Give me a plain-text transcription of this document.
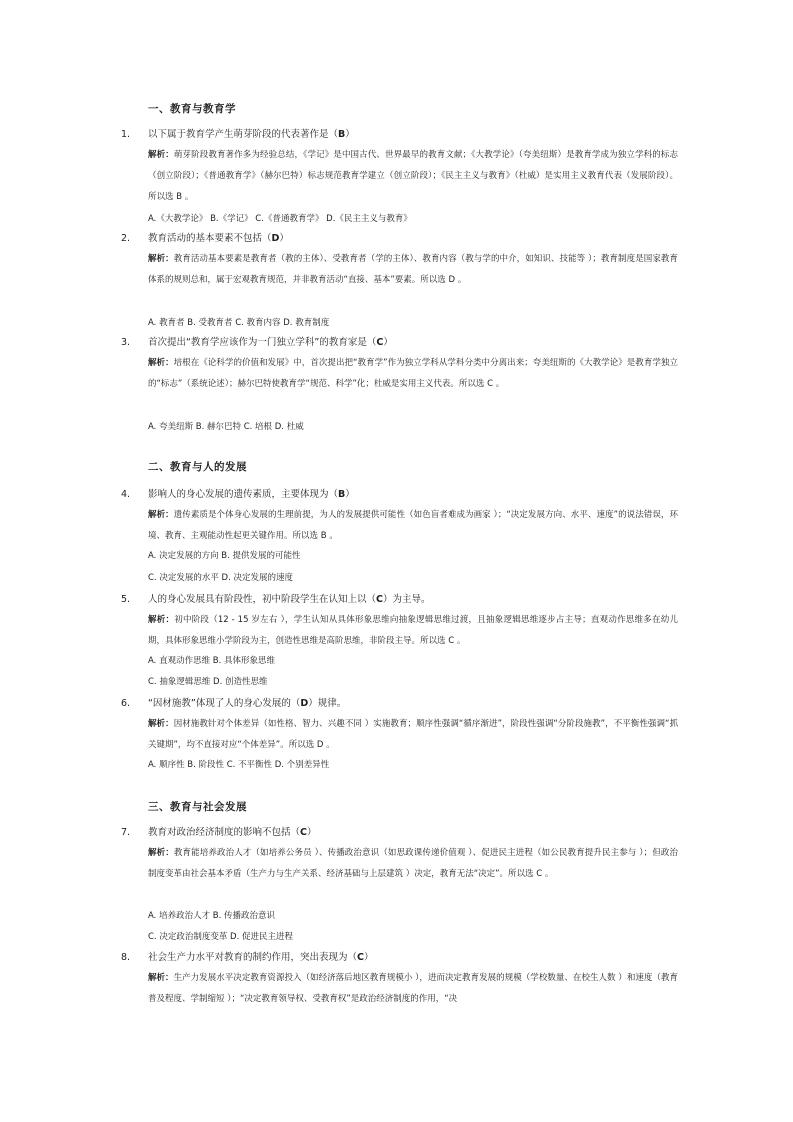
一、教育与教育学
1. 以下属于教育学产生萌芽阶段的代表著作是（B）
解析：萌芽阶段教育著作多为经验总结，《学记》是中国古代、世界最早的教育文献；《大教学论》（夸美纽斯）是教育学成为独立学科的标志（创立阶段）；《普通教育学》（赫尔巴特）标志规范教育学建立（创立阶段）；《民主主义与教育》（杜威）是实用主义教育代表（发展阶段）。所以选 B 。
A.《大教学论》 B.《学记》 C.《普通教育学》 D.《民主主义与教育》
2. 教育活动的基本要素不包括（D）
解析：教育活动基本要素是教育者（教的主体）、受教育者（学的主体）、教育内容（教与学的中介，如知识、技能等 ）；教育制度是国家教育体系的规则总和，属于宏观教育规范，并非教育活动“直接、基本”要素。所以选 D 。
A. 教育者 B. 受教育者 C. 教育内容 D. 教育制度
3. 首次提出“教育学应该作为一门独立学科”的教育家是（C）
解析：培根在《论科学的价值和发展》中，首次提出把“教育学”作为独立学科从学科分类中分离出来；夸美纽斯的《大教学论》是教育学独立的“标志”（系统论述）；赫尔巴特使教育学“规范、科学”化；杜威是实用主义代表。所以选 C 。
A. 夸美纽斯 B. 赫尔巴特 C. 培根 D. 杜威
二、教育与人的发展
4. 影响人的身心发展的遗传素质，主要体现为（B）
解析：遗传素质是个体身心发展的生理前提，为人的发展提供可能性（如色盲者难成为画家 ）；“决定发展方向、水平、速度”的说法错误，环境、教育、主观能动性起更关键作用。所以选 B 。
A. 决定发展的方向 B. 提供发展的可能性
C. 决定发展的水平 D. 决定发展的速度
5. 人的身心发展具有阶段性，初中阶段学生在认知上以（C）为主导。
解析：初中阶段（12 - 15 岁左右 ），学生认知从具体形象思维向抽象逻辑思维过渡，且抽象逻辑思维逐步占主导；直观动作思维多在幼儿期，具体形象思维小学阶段为主，创造性思维是高阶思维，非阶段主导。所以选 C 。
A. 直观动作思维 B. 具体形象思维
C. 抽象逻辑思维 D. 创造性思维
6. “因材施教”体现了人的身心发展的（D）规律。
解析：因材施教针对个体差异（如性格、智力、兴趣不同 ）实施教育；顺序性强调“循序渐进”，阶段性强调“分阶段施教”，不平衡性强调“抓关键期”，均不直接对应“个体差异”。所以选 D 。
A. 顺序性 B. 阶段性 C. 不平衡性 D. 个别差异性
三、教育与社会发展
7. 教育对政治经济制度的影响不包括（C）
解析：教育能培养政治人才（如培养公务员 ）、传播政治意识（如思政课传递价值观 ）、促进民主进程（如公民教育提升民主参与 ）；但政治制度变革由社会基本矛盾（生产力与生产关系、经济基础与上层建筑 ）决定，教育无法“决定”。所以选 C 。
A. 培养政治人才 B. 传播政治意识
C. 决定政治制度变革 D. 促进民主进程
8. 社会生产力水平对教育的制约作用，突出表现为（C）
解析：生产力发展水平决定教育资源投入（如经济落后地区教育规模小 ），进而决定教育发展的规模（学校数量、在校生人数 ）和速度（教育普及程度、学制缩短 ）；“决定教育领导权、受教育权”是政治经济制度的作用，“决
